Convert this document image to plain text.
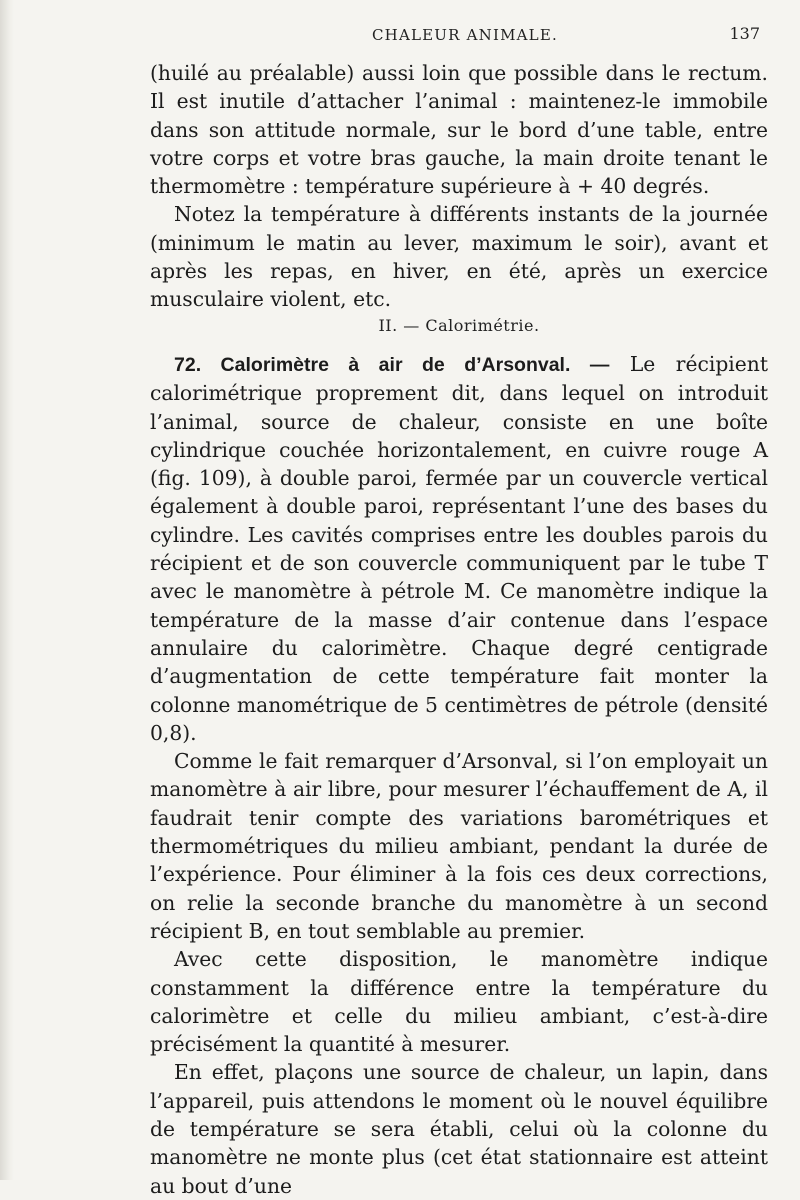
CHALEUR ANIMALE.	137

(huilé au préalable) aussi loin que possible dans le rectum. Il est inutile d’attacher l’animal : maintenez-le immobile dans son attitude normale, sur le bord d’une table, entre votre corps et votre bras gauche, la main droite tenant le thermomètre : température supérieure à + 40 degrés.

Notez la température à différents instants de la journée (minimum le matin au lever, maximum le soir), avant et après les repas, en hiver, en été, après un exercice musculaire violent, etc.

II. — Calorimétrie.

72. Calorimètre à air de d’Arsonval. — Le récipient calorimétrique proprement dit, dans lequel on introduit l’animal, source de chaleur, consiste en une boîte cylindrique couchée horizontalement, en cuivre rouge A (fig. 109), à double paroi, fermée par un couvercle vertical également à double paroi, représentant l’une des bases du cylindre. Les cavités comprises entre les doubles parois du récipient et de son couvercle communiquent par le tube T avec le manomètre à pétrole M. Ce manomètre indique la température de la masse d’air contenue dans l’espace annulaire du calorimètre. Chaque degré centigrade d’augmentation de cette température fait monter la colonne manométrique de 5 centimètres de pétrole (densité 0,8).

Comme le fait remarquer d’Arsonval, si l’on employait un manomètre à air libre, pour mesurer l’échauffement de A, il faudrait tenir compte des variations barométriques et thermométriques du milieu ambiant, pendant la durée de l’expérience. Pour éliminer à la fois ces deux corrections, on relie la seconde branche du manomètre à un second récipient B, en tout semblable au premier.

Avec cette disposition, le manomètre indique constamment la différence entre la température du calorimètre et celle du milieu ambiant, c’est-à-dire précisément la quantité à mesurer.

En effet, plaçons une source de chaleur, un lapin, dans l’appareil, puis attendons le moment où le nouvel équilibre de température se sera établi, celui où la colonne du manomètre ne monte plus (cet état stationnaire est atteint au bout d’une
